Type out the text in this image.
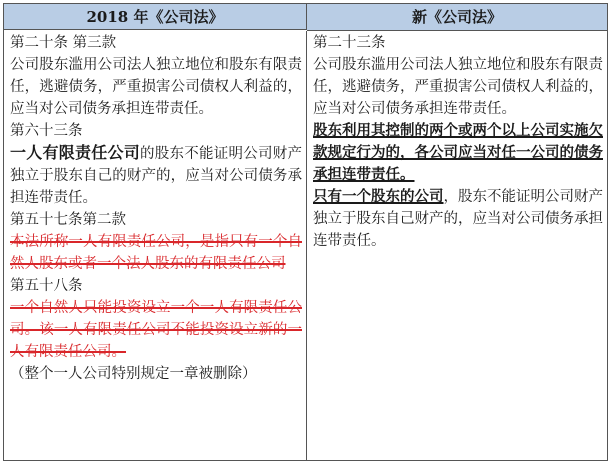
2018 年《公司法》	新《公司法》

第二十条 第三款

公司股东滥用公司法人独立地位和股东有限责任，逃避债务，严重损害公司债权人利益的，应当对公司债务承担连带责任。

第六十三条

一人有限责任公司的股东不能证明公司财产独立于股东自己的财产的，应当对公司债务承担连带责任。

第五十七条第二款

本法所称一人有限责任公司，是指只有一个自然人股东或者一个法人股东的有限责任公司

第五十八条

一个自然人只能投资设立一个一人有限责任公司。该一人有限责任公司不能投资设立新的一人有限责任公司。

（整个一人公司特别规定一章被删除）

第二十三条

公司股东滥用公司法人独立地位和股东有限责任，逃避债务，严重损害公司债权人利益的，应当对公司债务承担连带责任。

股东利用其控制的两个或两个以上公司实施欠款规定行为的，各公司应当对任一公司的债务承担连带责任。

只有一个股东的公司，股东不能证明公司财产独立于股东自己财产的，应当对公司债务承担连带责任。
